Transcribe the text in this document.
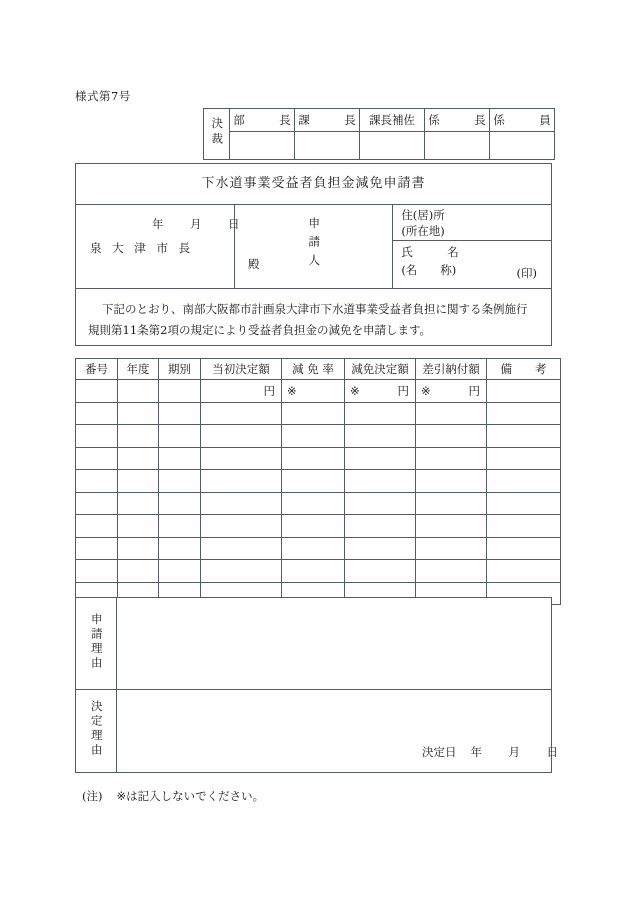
様式第7号
決裁	部　　　長	課　　　長	課長補佐	係　　　長	係　　　員

下水道事業受益者負担金減免申請書

年 月 日
泉 大 津 市 長
殿	申請人	
住(居)所
(所在地)

氏　　　名
(名　　称)	(印)

下記のとおり、南部大阪都市計画泉大津市下水道事業受益者負担に関する条例施行
規則第11条第2項の規定により受益者負担金の減免を申請します。
番号	年度	期別	当初決定額	減 免 率	減免決定額	差引納付額	備　　考

			円	※	※ 円	※ 円	

申請理由	
決定理由	決定日 年 月 日
(注) ※は記入しないでください。
